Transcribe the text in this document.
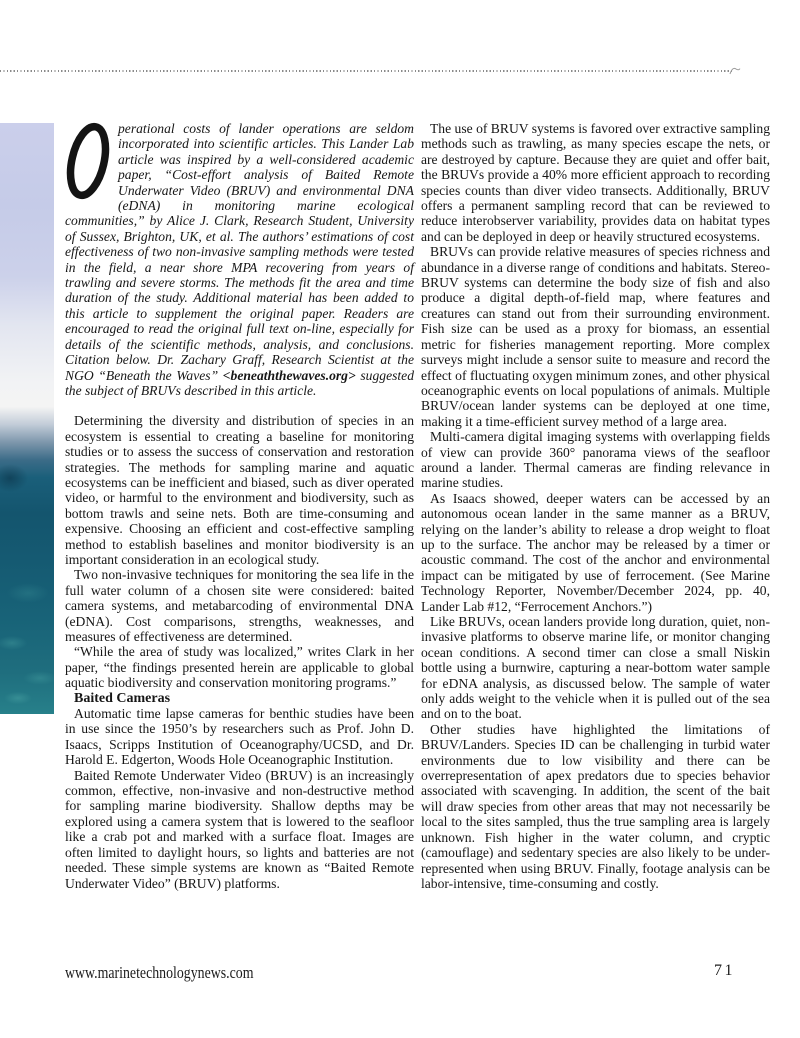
perational costs of lander operations are seldom incorporated into scientific articles. This Lander Lab article was inspired by a well-considered academic paper, “Cost-effort analysis of Baited Remote Underwater Video (BRUV) and environmental DNA (eDNA) in monitoring marine ecological communities,” by Alice J. Clark, Research Student, University of Sussex, Brighton, UK, et al. The authors’ estimations of cost effectiveness of two non-invasive sampling methods were tested in the field, a near shore MPA recovering from years of trawling and severe storms. The methods fit the area and time duration of the study. Additional material has been added to this article to supplement the original paper. Readers are encouraged to read the original full text on-line, especially for details of the scientific methods, analysis, and conclusions. Citation below. Dr. Zachary Graff, Research Scientist at the NGO “Beneath the Waves” <beneaththewaves.org> suggested the subject of BRUVs described in this article.

Determining the diversity and distribution of species in an ecosystem is essential to creating a baseline for monitoring studies or to assess the success of conservation and restoration strategies. The methods for sampling marine and aquatic ecosystems can be inefficient and biased, such as diver operated video, or harmful to the environment and biodiversity, such as bottom trawls and seine nets. Both are time-consuming and expensive. Choosing an efficient and cost-effective sampling method to establish baselines and monitor biodiversity is an important consideration in an ecological study.

Two non-invasive techniques for monitoring the sea life in the full water column of a chosen site were considered: baited camera systems, and metabarcoding of environmental DNA (eDNA). Cost comparisons, strengths, weaknesses, and measures of effectiveness are determined.

“While the area of study was localized,” writes Clark in her paper, “the findings presented herein are applicable to global aquatic biodiversity and conservation monitoring programs.”

Baited Cameras

Automatic time lapse cameras for benthic studies have been in use since the 1950’s by researchers such as Prof. John D. Isaacs, Scripps Institution of Oceanography/UCSD, and Dr. Harold E. Edgerton, Woods Hole Oceanographic Institution.

Baited Remote Underwater Video (BRUV) is an increasingly common, effective, non-invasive and non-destructive method for sampling marine biodiversity. Shallow depths may be explored using a camera system that is lowered to the seafloor like a crab pot and marked with a surface float. Images are often limited to daylight hours, so lights and batteries are not needed. These simple systems are known as “Baited Remote Underwater Video” (BRUV) platforms.

The use of BRUV systems is favored over extractive sampling methods such as trawling, as many species escape the nets, or are destroyed by capture. Because they are quiet and offer bait, the BRUVs provide a 40% more efficient approach to recording species counts than diver video transects. Additionally, BRUV offers a permanent sampling record that can be reviewed to reduce interobserver variability, provides data on habitat types and can be deployed in deep or heavily structured ecosystems.

BRUVs can provide relative measures of species richness and abundance in a diverse range of conditions and habitats. Stereo-BRUV systems can determine the body size of fish and also produce a digital depth-of-field map, where features and creatures can stand out from their surrounding environment. Fish size can be used as a proxy for biomass, an essential metric for fisheries management reporting. More complex surveys might include a sensor suite to measure and record the effect of fluctuating oxygen minimum zones, and other physical oceanographic events on local populations of animals. Multiple BRUV/ocean lander systems can be deployed at one time, making it a time-efficient survey method of a large area.

Multi-camera digital imaging systems with overlapping fields of view can provide 360° panorama views of the seafloor around a lander. Thermal cameras are finding relevance in marine studies.

As Isaacs showed, deeper waters can be accessed by an autonomous ocean lander in the same manner as a BRUV, relying on the lander’s ability to release a drop weight to float up to the surface. The anchor may be released by a timer or acoustic command. The cost of the anchor and environmental impact can be mitigated by use of ferrocement. (See Marine Technology Reporter, November/December 2024, pp. 40, Lander Lab #12, “Ferrocement Anchors.”)

Like BRUVs, ocean landers provide long duration, quiet, non-invasive platforms to observe marine life, or monitor changing ocean conditions. A second timer can close a small Niskin bottle using a burnwire, capturing a near-bottom water sample for eDNA analysis, as discussed below. The sample of water only adds weight to the vehicle when it is pulled out of the sea and on to the boat.

Other studies have highlighted the limitations of BRUV/Landers. Species ID can be challenging in turbid water environments due to low visibility and there can be overrepresentation of apex predators due to species behavior associated with scavenging. In addition, the scent of the bait will draw species from other areas that may not necessarily be local to the sites sampled, thus the true sampling area is largely unknown. Fish higher in the water column, and cryptic (camouflage) and sedentary species are also likely to be under-represented when using BRUV. Finally, footage analysis can be labor-intensive, time-consuming and costly.

www.marinetechnologynews.com	71
